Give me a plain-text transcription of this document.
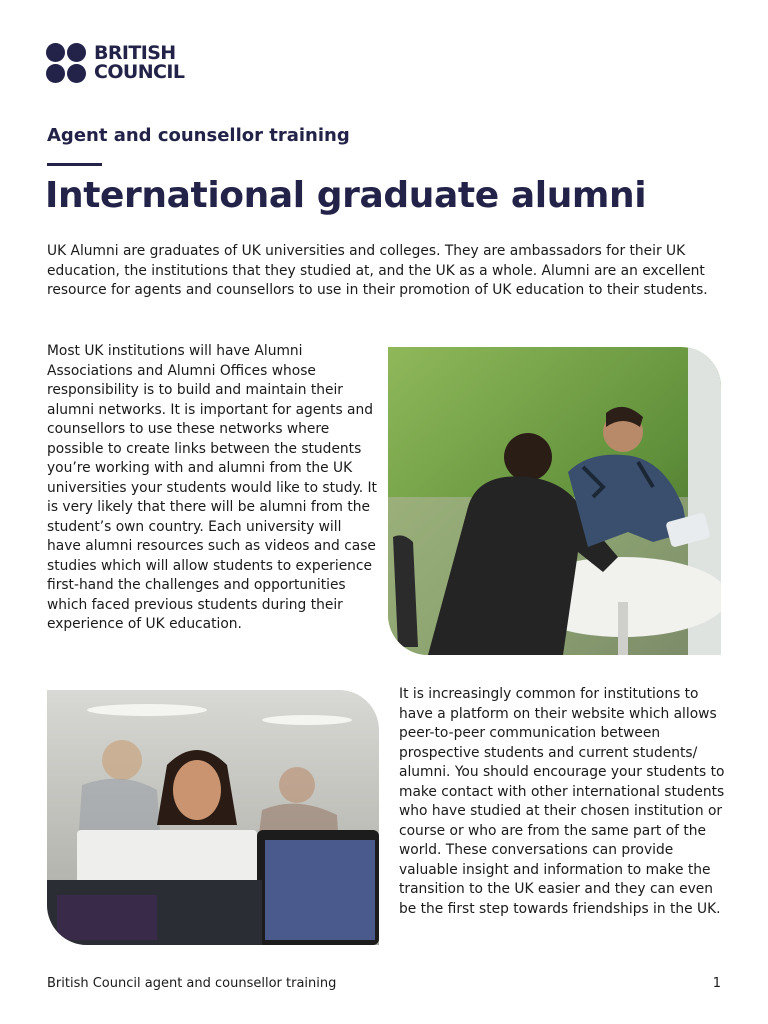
BRITISH
COUNCIL
Agent and counsellor training
International graduate alumni

UK Alumni are graduates of UK universities and colleges. They are ambassadors for their UK education, the institutions that they studied at, and the UK as a whole. Alumni are an excellent resource for agents and counsellors to use in their promotion of UK education to their students.

Most UK institutions will have Alumni Associations and Alumni Offices whose responsibility is to build and maintain their alumni networks. It is important for agents and counsellors to use these networks where possible to create links between the students you’re working with and alumni from the UK universities your students would like to study. It is very likely that there will be alumni from the student’s own country. Each university will have alumni resources such as videos and case studies which will allow students to experience first-hand the challenges and opportunities which faced previous students during their experience of UK education.

It is increasingly common for institutions to have a platform on their website which allows peer-to-peer communication between prospective students and current students/ alumni. You should encourage your students to make contact with other international students who have studied at their chosen institution or course or who are from the same part of the world. These conversations can provide valuable insight and information to make the transition to the UK easier and they can even be the first step towards friendships in the UK.

British Council agent and counsellor training	1
